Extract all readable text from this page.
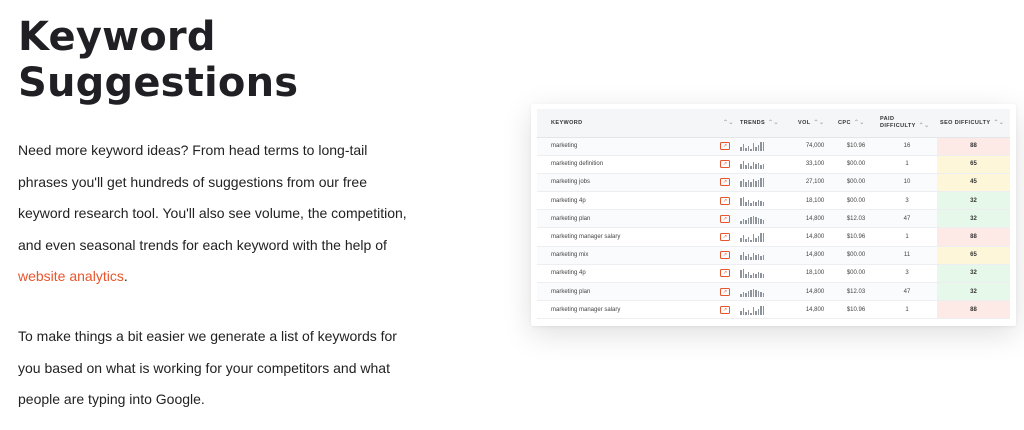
Keyword
Suggestions
Need more keyword ideas? From head terms to long-tail
phrases you'll get hundreds of suggestions from our free
keyword research tool. You'll also see volume, the competition,
and even seasonal trends for each keyword with the help of
website analytics.
To make things a bit easier we generate a list of keywords for
you based on what is working for your competitors and what
people are typing into Google.
KEYWORD	⌃⌄	TRENDS ⌃⌄	VOL ⌃⌄	CPC ⌃⌄	PAID DIFFICULTY ⌃⌄	SEO DIFFICULTY ⌃⌄
marketing	↗		74,000	$10.96	16	88
marketing definition	↗		33,100	$00.00	1	65
marketing jobs	↗		27,100	$00.00	10	45
marketing 4p	↗		18,100	$00.00	3	32
marketing plan	↗		14,800	$12.03	47	32
marketing manager salary	↗		14,800	$10.96	1	88
marketing mix	↗		14,800	$00.00	11	65
marketing 4p	↗		18,100	$00.00	3	32
marketing plan	↗		14,800	$12.03	47	32
marketing manager salary	↗		14,800	$10.96	1	88
